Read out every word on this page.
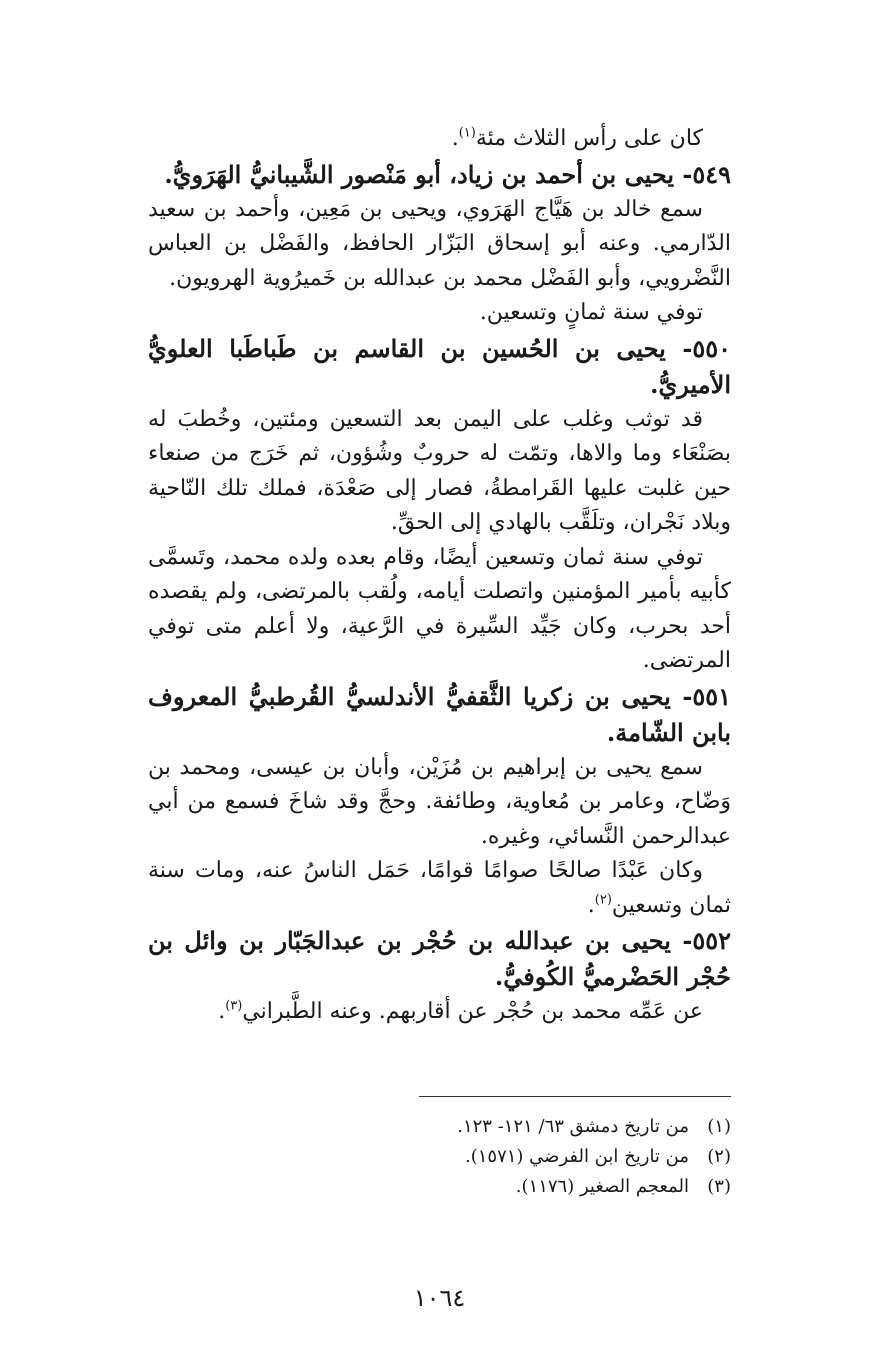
كان على رأس الثلاث مئة$^{(١)}$.

٥٤٩- يحيى بن أحمد بن زياد، أبو مَنْصور الشَّيبانيُّ الهَرَويُّ.

سمع خالد بن هَيَّاج الهَرَوي، ويحيى بن مَعِين، وأحمد بن سعيد الدّارمي. وعنه أبو إسحاق البَزّار الحافظ، والفَضْل بن العباس النَّضْرويي، وأبو الفَضْل محمد بن عبدالله بن خَميرُوية الهرويون.

توفي سنة ثمانٍ وتسعين.

٥٥٠- يحيى بن الحُسين بن القاسم بن طَباطَبا العلويُّ الأميريُّ.

قد توثب وغلب على اليمن بعد التسعين ومئتين، وخُطبَ له بصَنْعَاء وما والاها، وتمّت له حروبٌ وشُؤون، ثم خَرَج من صنعاء حين غلبت عليها القَرامطةُ، فصار إلى صَعْدَة، فملك تلك النّاحية وبلاد نَجْران، وتلَقَّب بالهادي إلى الحقِّ.

توفي سنة ثمان وتسعين أيضًا، وقام بعده ولده محمد، وتَسمَّى كأبيه بأمير المؤمنين واتصلت أيامه، ولُقب بالمرتضى، ولم يقصده أحد بحرب، وكان جَيِّد السِّيرة في الرَّعية، ولا أعلم متى توفي المرتضى.

٥٥١- يحيى بن زكريا الثَّقفيُّ الأندلسيُّ القُرطبيُّ المعروف بابن الشّامة.

سمع يحيى بن إبراهيم بن مُزَيْن، وأبان بن عيسى، ومحمد بن وَضّاح، وعامر بن مُعاوية، وطائفة. وحجَّ وقد شاخَ فسمع من أبي عبدالرحمن النَّسائي، وغيره.

وكان عَبْدًا صالحًا صوامًا قوامًا، حَمَل الناسُ عنه، ومات سنة ثمان وتسعين$^{(٢)}$.

٥٥٢- يحيى بن عبدالله بن حُجْر بن عبدالجَبّار بن وائل بن حُجْر الحَضْرميُّ الكُوفيُّ.

عن عَمِّه محمد بن حُجْر عن أقاربهم. وعنه الطَّبراني$^{(٣)}$.

(١)
من تاريخ دمشق ٦٣/ ١٢١- ١٢٣.
(٢)
من تاريخ ابن الفرضي (١٥٧١).
(٣)
المعجم الصغير (١١٧٦).
١٠٦٤
